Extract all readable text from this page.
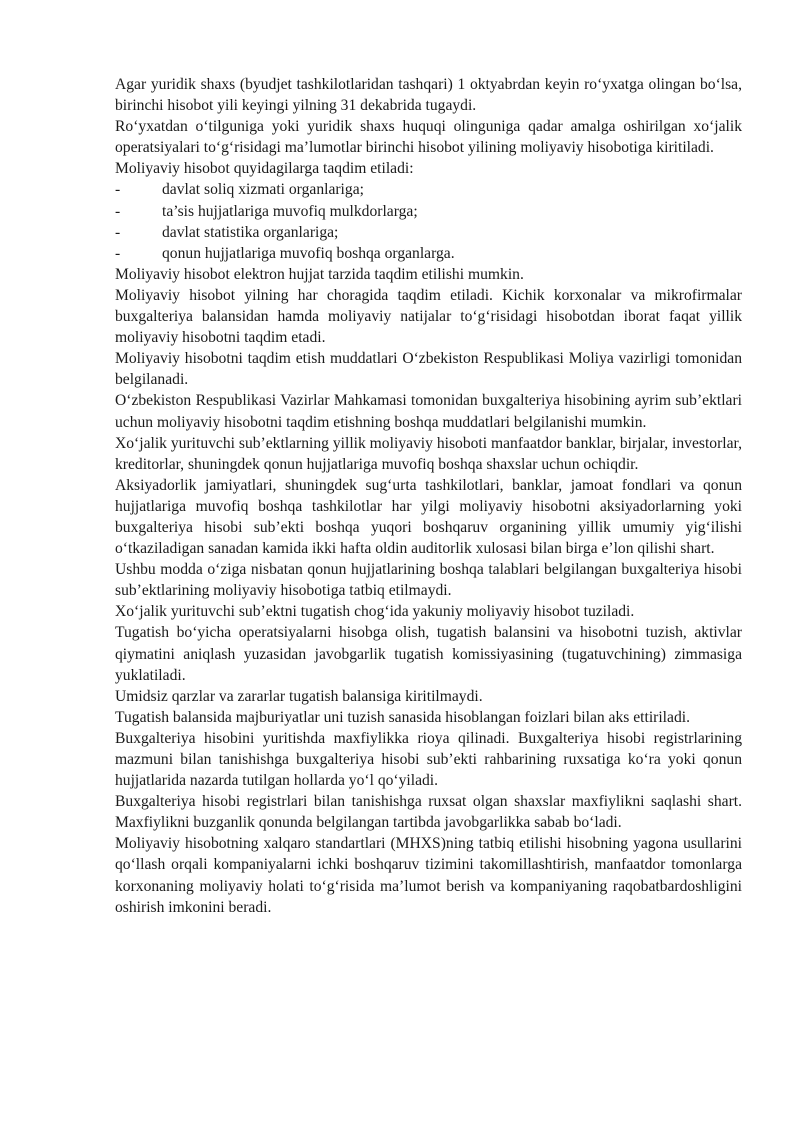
Agar yuridik shaxs (byudjet tashkilotlaridan tashqari) 1 oktyabrdan keyin ro‘yxatga olingan bo‘lsa, birinchi hisobot yili keyingi yilning 31 dekabrida tugaydi.

Ro‘yxatdan o‘tilguniga yoki yuridik shaxs huquqi olinguniga qadar amalga oshirilgan xo‘jalik operatsiyalari to‘g‘risidagi ma’lumotlar birinchi hisobot yilining moliyaviy hisobotiga kiritiladi.

Moliyaviy hisobot quyidagilarga taqdim etiladi:

-	davlat soliq xizmati organlariga;
-	ta’sis hujjatlariga muvofiq mulkdorlarga;
-	davlat statistika organlariga;
-	qonun hujjatlariga muvofiq boshqa organlarga.

Moliyaviy hisobot elektron hujjat tarzida taqdim etilishi mumkin.

Moliyaviy hisobot yilning har choragida taqdim etiladi. Kichik korxonalar va mikrofirmalar buxgalteriya balansidan hamda moliyaviy natijalar to‘g‘risidagi hisobotdan iborat faqat yillik moliyaviy hisobotni taqdim etadi.

Moliyaviy hisobotni taqdim etish muddatlari O‘zbekiston Respublikasi Moliya vazirligi tomonidan belgilanadi.

O‘zbekiston Respublikasi Vazirlar Mahkamasi tomonidan buxgalteriya hisobining ayrim sub’ektlari uchun moliyaviy hisobotni taqdim etishning boshqa muddatlari belgilanishi mumkin.

Xo‘jalik yurituvchi sub’ektlarning yillik moliyaviy hisoboti manfaatdor banklar, birjalar, investorlar, kreditorlar, shuningdek qonun hujjatlariga muvofiq boshqa shaxslar uchun ochiqdir.

Aksiyadorlik jamiyatlari, shuningdek sug‘urta tashkilotlari, banklar, jamoat fondlari va qonun hujjatlariga muvofiq boshqa tashkilotlar har yilgi moliyaviy hisobotni aksiyadorlarning yoki buxgalteriya hisobi sub’ekti boshqa yuqori boshqaruv organining yillik umumiy yig‘ilishi o‘tkaziladigan sanadan kamida ikki hafta oldin auditorlik xulosasi bilan birga e’lon qilishi shart.

Ushbu modda o‘ziga nisbatan qonun hujjatlarining boshqa talablari belgilangan buxgalteriya hisobi sub’ektlarining moliyaviy hisobotiga tatbiq etilmaydi.

Xo‘jalik yurituvchi sub’ektni tugatish chog‘ida yakuniy moliyaviy hisobot tuziladi.

Tugatish bo‘yicha operatsiyalarni hisobga olish, tugatish balansini va hisobotni tuzish, aktivlar qiymatini aniqlash yuzasidan javobgarlik tugatish komissiyasining (tugatuvchining) zimmasiga yuklatiladi.

Umidsiz qarzlar va zararlar tugatish balansiga kiritilmaydi.

Tugatish balansida majburiyatlar uni tuzish sanasida hisoblangan foizlari bilan aks ettiriladi.

Buxgalteriya hisobini yuritishda maxfiylikka rioya qilinadi. Buxgalteriya hisobi registrlarining mazmuni bilan tanishishga buxgalteriya hisobi sub’ekti rahbarining ruxsatiga ko‘ra yoki qonun hujjatlarida nazarda tutilgan hollarda yo‘l qo‘yiladi.

Buxgalteriya hisobi registrlari bilan tanishishga ruxsat olgan shaxslar maxfiylikni saqlashi shart. Maxfiylikni buzganlik qonunda belgilangan tartibda javobgarlikka sabab bo‘ladi.

Moliyaviy hisobotning xalqaro standartlari (MHXS)ning tatbiq etilishi hisobning yagona usullarini qo‘llash orqali kompaniyalarni ichki boshqaruv tizimini takomillashtirish, manfaatdor tomonlarga korxonaning moliyaviy holati to‘g‘risida ma’lumot berish va kompaniyaning raqobatbardoshligini oshirish imkonini beradi.
